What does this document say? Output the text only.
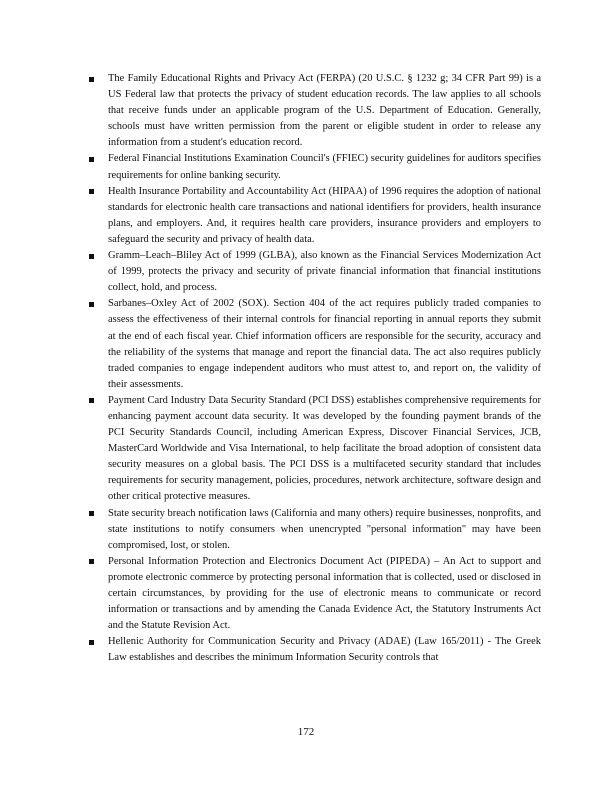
The Family Educational Rights and Privacy Act (FERPA) (20 U.S.C. § 1232 g; 34 CFR Part 99) is a US Federal law that protects the privacy of student education records. The law applies to all schools that receive funds under an applicable program of the U.S. Department of Education. Generally, schools must have written permission from the parent or eligible student in order to release any information from a student's education record.
Federal Financial Institutions Examination Council's (FFIEC) security guidelines for auditors specifies requirements for online banking security.
Health Insurance Portability and Accountability Act (HIPAA) of 1996 requires the adoption of national standards for electronic health care transactions and national identifiers for providers, health insurance plans, and employers. And, it requires health care providers, insurance providers and employers to safeguard the security and privacy of health data.
Gramm–Leach–Bliley Act of 1999 (GLBA), also known as the Financial Services Modernization Act of 1999, protects the privacy and security of private financial information that financial institutions collect, hold, and process.
Sarbanes–Oxley Act of 2002 (SOX). Section 404 of the act requires publicly traded companies to assess the effectiveness of their internal controls for financial reporting in annual reports they submit at the end of each fiscal year. Chief information officers are responsible for the security, accuracy and the reliability of the systems that manage and report the financial data. The act also requires publicly traded companies to engage independent auditors who must attest to, and report on, the validity of their assessments.
Payment Card Industry Data Security Standard (PCI DSS) establishes comprehensive requirements for enhancing payment account data security. It was developed by the founding payment brands of the PCI Security Standards Council, including American Express, Discover Financial Services, JCB, MasterCard Worldwide and Visa International, to help facilitate the broad adoption of consistent data security measures on a global basis. The PCI DSS is a multifaceted security standard that includes requirements for security management, policies, procedures, network architecture, software design and other critical protective measures.
State security breach notification laws (California and many others) require businesses, nonprofits, and state institutions to notify consumers when unencrypted "personal information" may have been compromised, lost, or stolen.
Personal Information Protection and Electronics Document Act (PIPEDA) – An Act to support and promote electronic commerce by protecting personal information that is collected, used or disclosed in certain circumstances, by providing for the use of electronic means to communicate or record information or transactions and by amending the Canada Evidence Act, the Statutory Instruments Act and the Statute Revision Act.
Hellenic Authority for Communication Security and Privacy (ADAE) (Law 165/2011) - The Greek Law establishes and describes the minimum Information Security controls that
172
